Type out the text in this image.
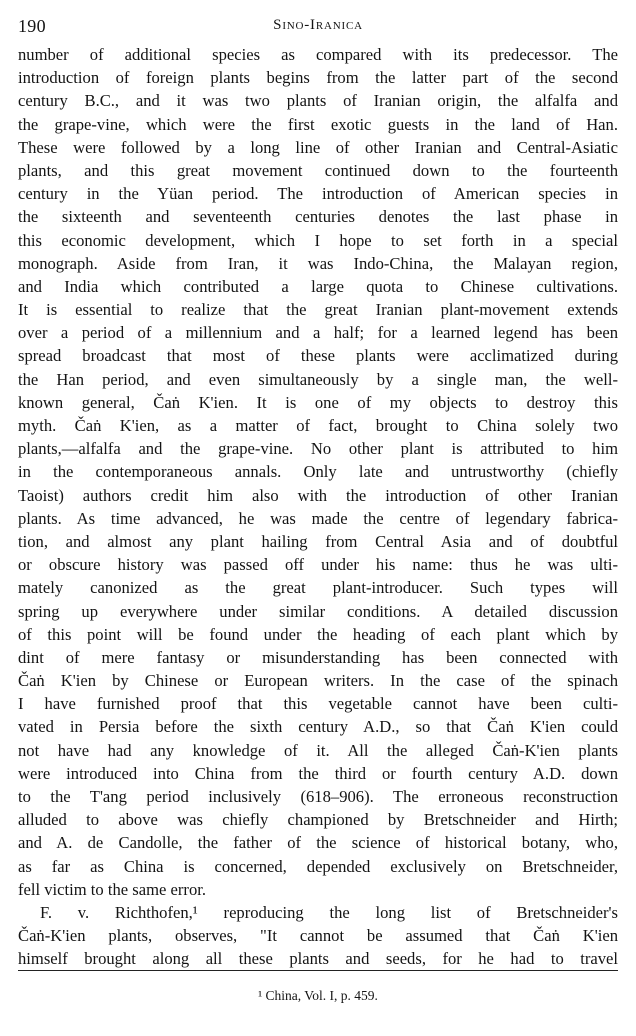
190	Sino-Iranica
number of additional species as compared with its predecessor. The
introduction of foreign plants begins from the latter part of the second
century B.C., and it was two plants of Iranian origin, the alfalfa and
the grape-vine, which were the first exotic guests in the land of Han.
These were followed by a long line of other Iranian and Central-Asiatic
plants, and this great movement continued down to the fourteenth
century in the Yüan period. The introduction of American species in
the sixteenth and seventeenth centuries denotes the last phase in
this economic development, which I hope to set forth in a special
monograph. Aside from Iran, it was Indo-China, the Malayan region,
and India which contributed a large quota to Chinese cultivations.
It is essential to realize that the great Iranian plant-movement extends
over a period of a millennium and a half; for a learned legend has been
spread broadcast that most of these plants were acclimatized during
the Han period, and even simultaneously by a single man, the well-
known general, Čaṅ K'ien. It is one of my objects to destroy this
myth. Čaṅ K'ien, as a matter of fact, brought to China solely two
plants,—alfalfa and the grape-vine. No other plant is attributed to him
in the contemporaneous annals. Only late and untrustworthy (chiefly
Taoist) authors credit him also with the introduction of other Iranian
plants. As time advanced, he was made the centre of legendary fabrica-
tion, and almost any plant hailing from Central Asia and of doubtful
or obscure history was passed off under his name: thus he was ulti-
mately canonized as the great plant-introducer. Such types will
spring up everywhere under similar conditions. A detailed discussion
of this point will be found under the heading of each plant which by
dint of mere fantasy or misunderstanding has been connected with
Čaṅ K'ien by Chinese or European writers. In the case of the spinach
I have furnished proof that this vegetable cannot have been culti-
vated in Persia before the sixth century A.D., so that Čaṅ K'ien could
not have had any knowledge of it. All the alleged Čaṅ-K'ien plants
were introduced into China from the third or fourth century A.D. down
to the T'ang period inclusively (618–906). The erroneous reconstruction
alluded to above was chiefly championed by Bretschneider and Hirth;
and A. de Candolle, the father of the science of historical botany, who,
as far as China is concerned, depended exclusively on Bretschneider,
fell victim to the same error.
F. v. Richthofen,¹ reproducing the long list of Bretschneider's
Čaṅ-K'ien plants, observes, "It cannot be assumed that Čaṅ K'ien
himself brought along all these plants and seeds, for he had to travel
¹ China, Vol. I, p. 459.
